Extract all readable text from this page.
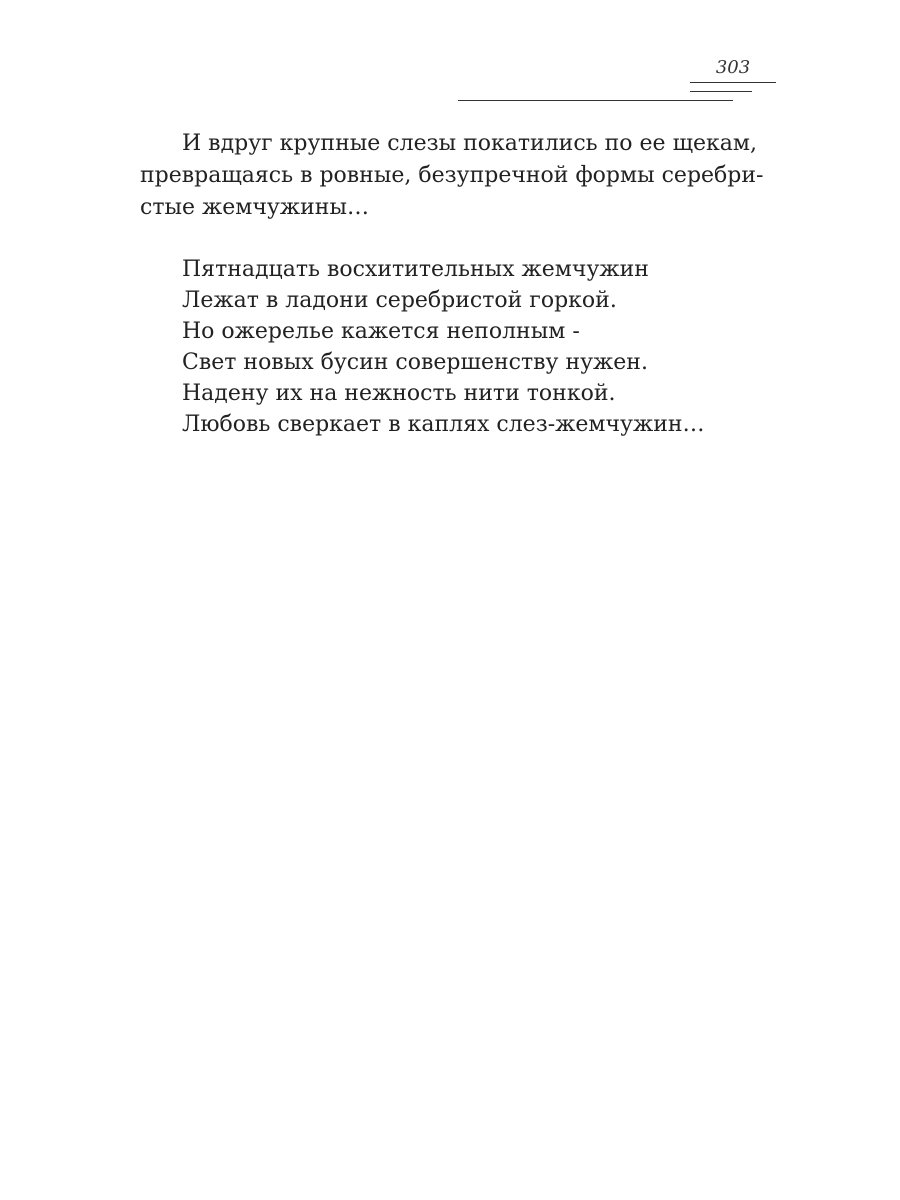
303

И вдруг крупные слезы покатились по ее щекам,
превращаясь в ровные, безупречной формы серебри-
стые жемчужины…

Пятнадцать восхитительных жемчужин
Лежат в ладони серебристой горкой.
Но ожерелье кажется неполным -
Свет новых бусин совершенству нужен.
Надену их на нежность нити тонкой.
Любовь сверкает в каплях слез-жемчужин…
